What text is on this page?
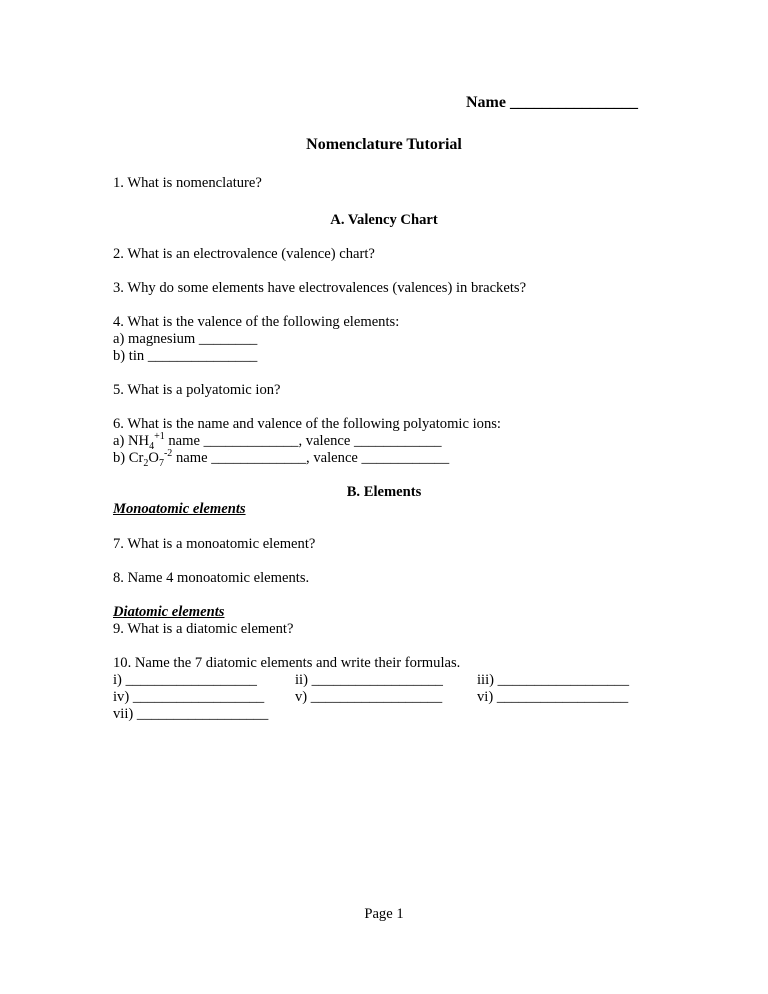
Name ________________
Nomenclature Tutorial
1. What is nomenclature?
A. Valency Chart
2. What is an electrovalence (valence) chart?
3. Why do some elements have electrovalences (valences) in brackets?
4. What is the valence of the following elements:
a) magnesium ________
b) tin _______________
5. What is a polyatomic ion?
6. What is the name and valence of the following polyatomic ions:
a) $NH_4^{+1}$ name _____________, valence ____________
b) $Cr_2O_7^{-2}$ name _____________, valence ____________
B. Elements
Monoatomic elements
7. What is a monoatomic element?
8. Name 4 monoatomic elements.
Diatomic elements
9. What is a diatomic element?
10. Name the 7 diatomic elements and write their formulas.
i) __________________	ii) __________________ iii) __________________
iv) __________________ v) __________________ vi) __________________
vii) __________________
Page 1
